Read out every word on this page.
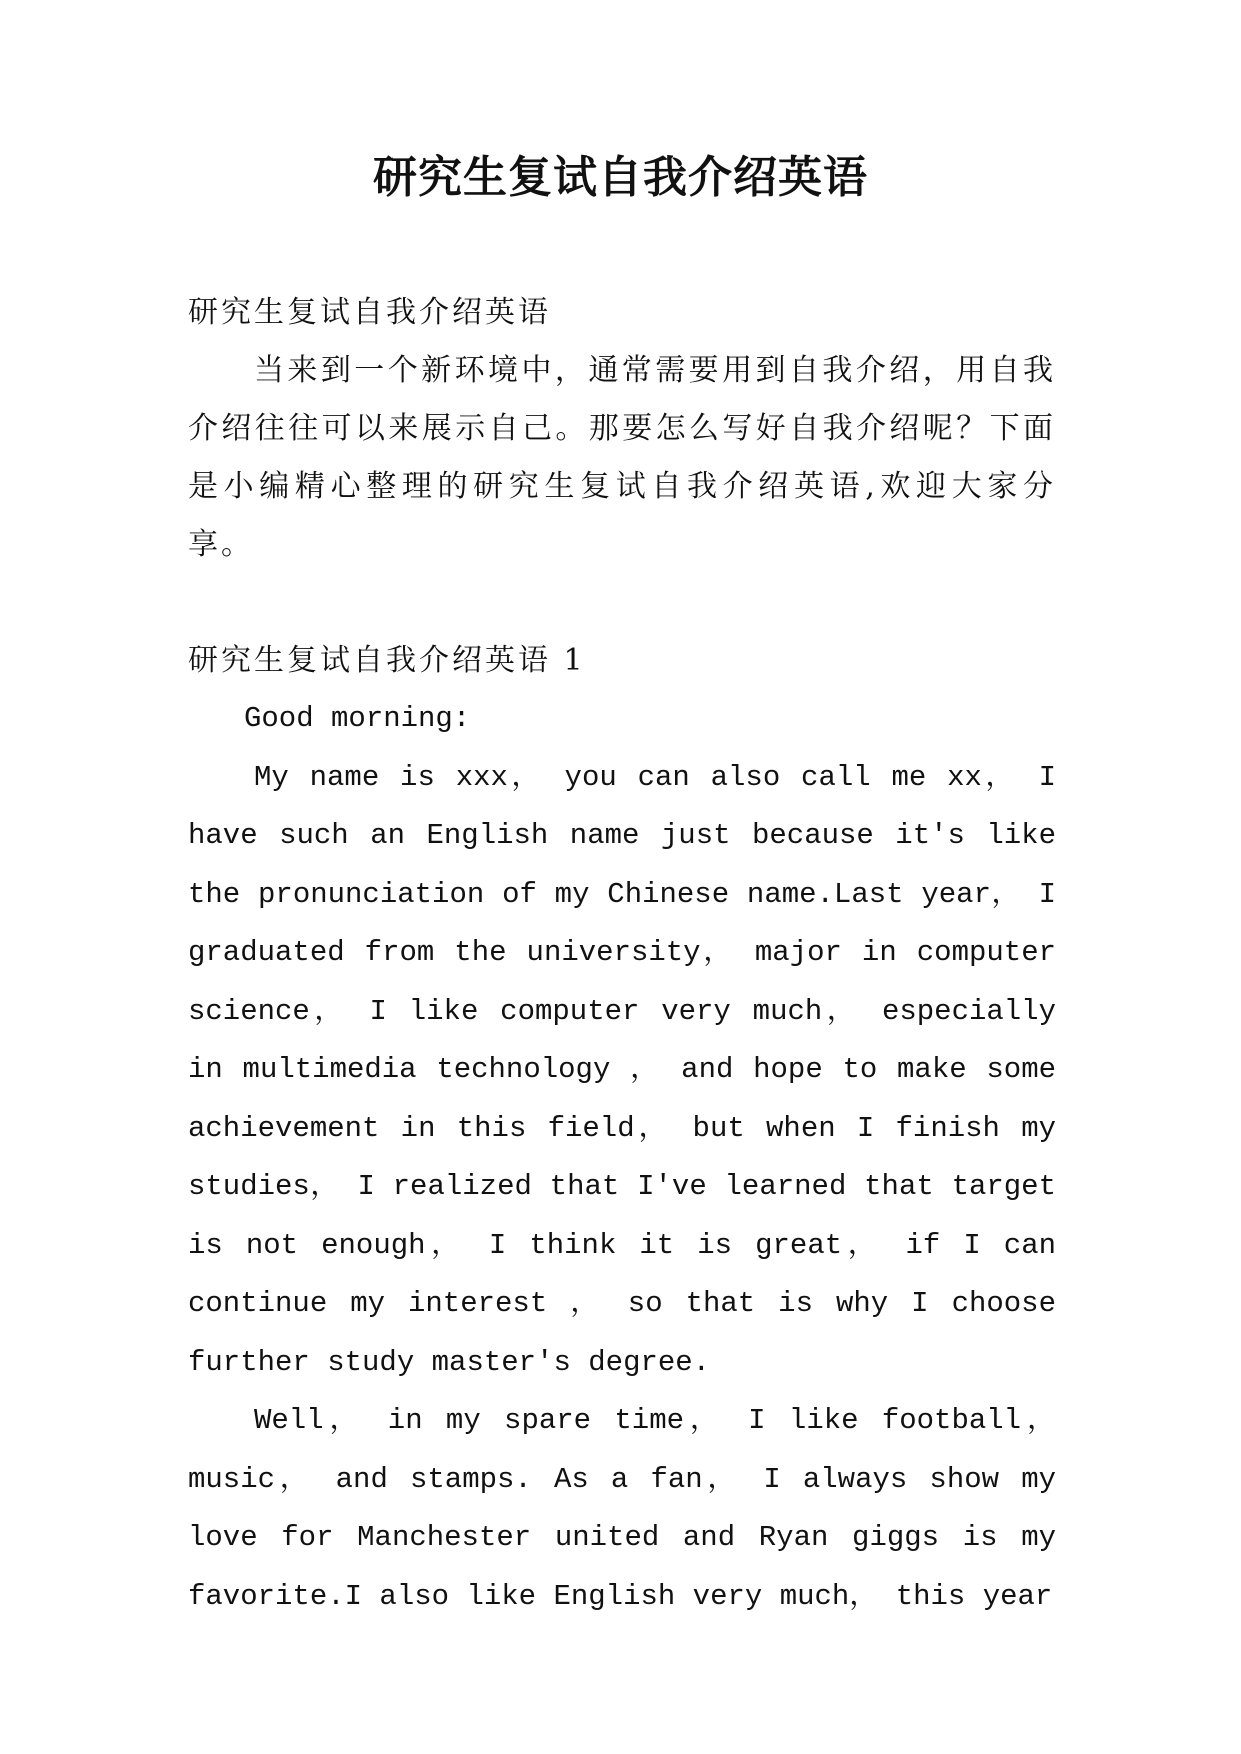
研究生复试自我介绍英语

研究生复试自我介绍英语

当来到一个新环境中，通常需要用到自我介绍，用自我介绍往往可以来展示自己。那要怎么写好自我介绍呢？下面是小编精心整理的研究生复试自我介绍英语,欢迎大家分享。

研究生复试自我介绍英语 1

Good morning:

My name is xxx， you can also call me xx， I have such an English name just because it's like the pronunciation of my Chinese name.Last year， I graduated from the university， major in computer science， I like computer very much， especially in multimedia technology ， and hope to make some achievement in this field， but when I finish my studies， I realized that I've learned that target is not enough， I think it is great， if I can continue my interest ， so that is why I choose further study master's degree.

Well， in my spare time， I like football， music， and stamps. As a fan， I always show my love for Manchester united and Ryan giggs is my favorite.I also like English very much， this year
